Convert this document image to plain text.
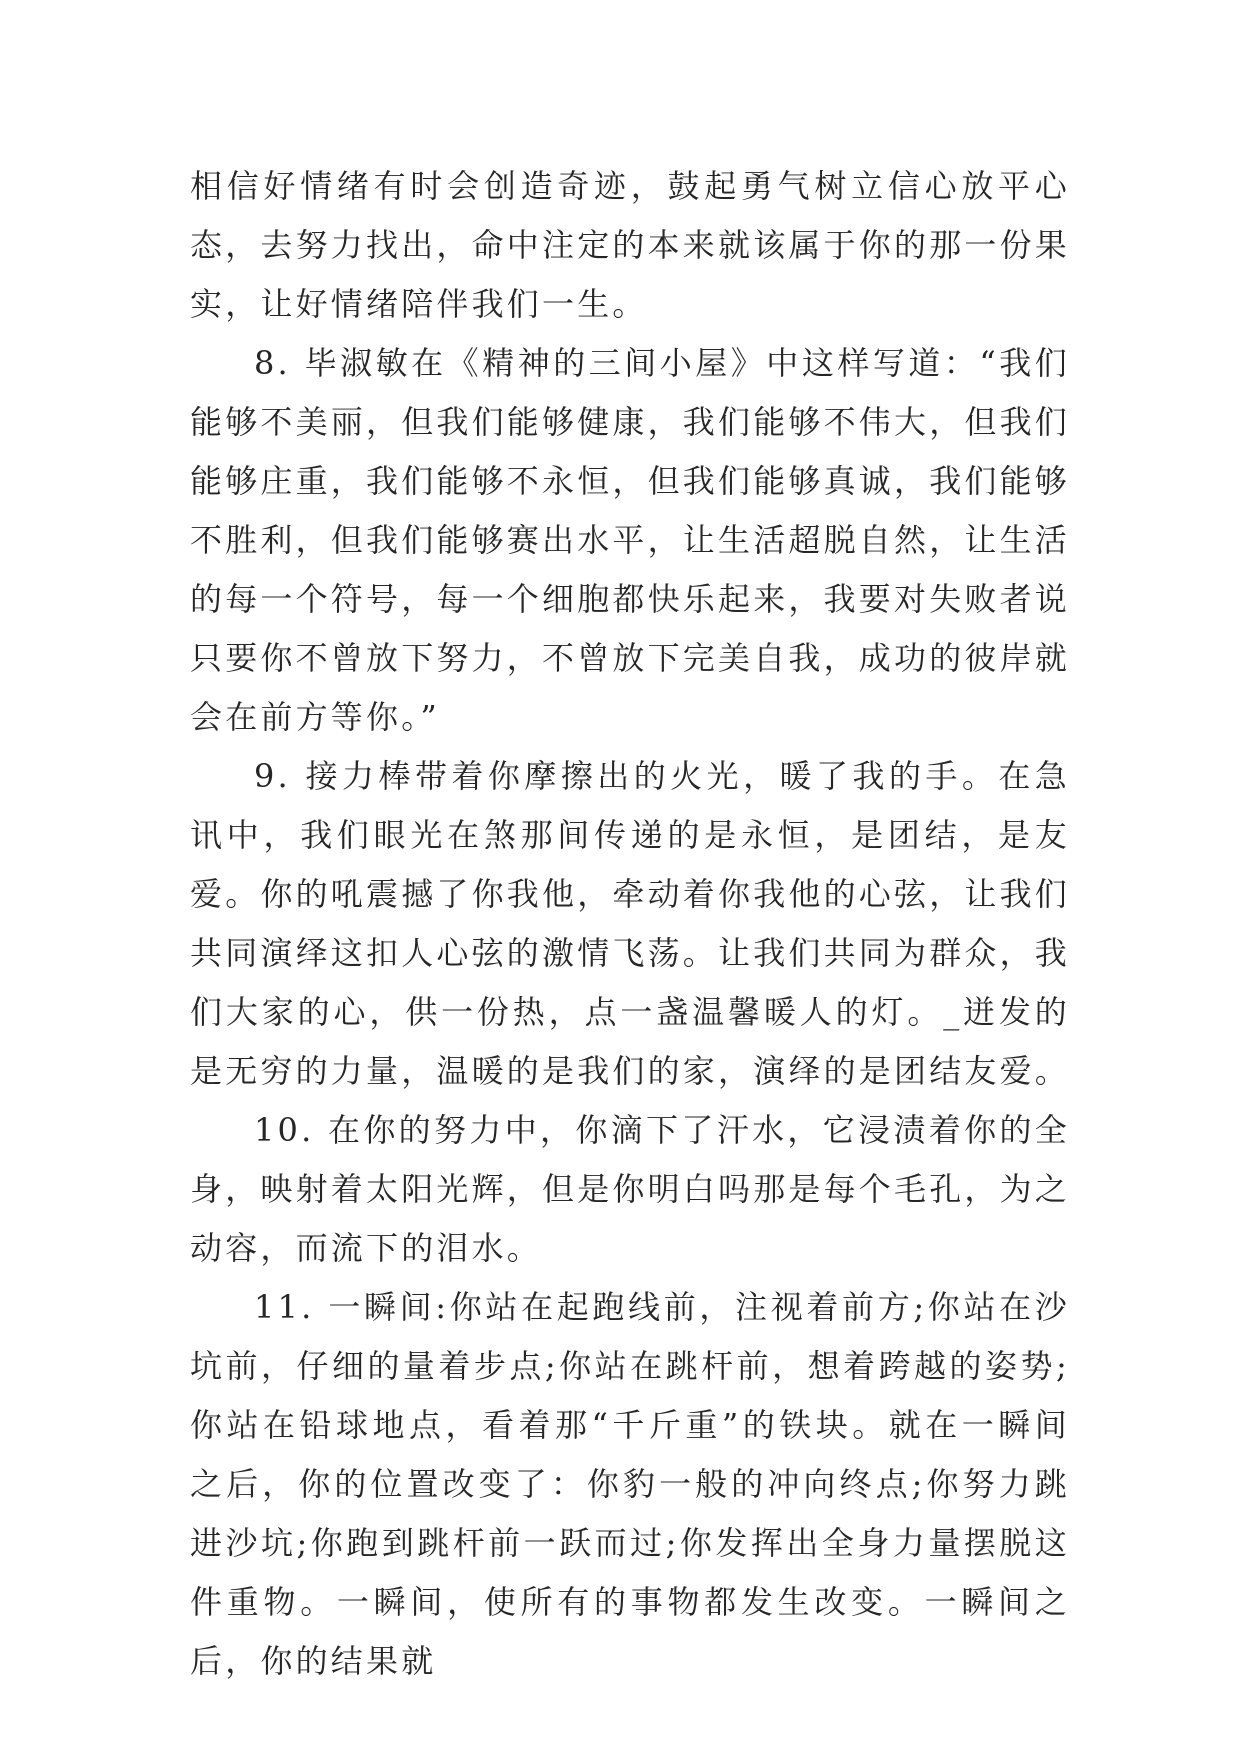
相信好情绪有时会创造奇迹，鼓起勇气树立信心放平心态，去努力找出，命中注定的本来就该属于你的那一份果实，让好情绪陪伴我们一生。

8. 毕淑敏在《精神的三间小屋》中这样写道：“我们能够不美丽，但我们能够健康，我们能够不伟大，但我们能够庄重，我们能够不永恒，但我们能够真诚，我们能够不胜利，但我们能够赛出水平，让生活超脱自然，让生活的每一个符号，每一个细胞都快乐起来，我要对失败者说只要你不曾放下努力，不曾放下完美自我，成功的彼岸就会在前方等你。”

9. 接力棒带着你摩擦出的火光，暖了我的手。在急讯中，我们眼光在煞那间传递的是永恒，是团结，是友爱。你的吼震撼了你我他，牵动着你我他的心弦，让我们共同演绎这扣人心弦的激情飞荡。让我们共同为群众，我们大家的心，供一份热，点一盏温馨暖人的灯。_迸发的是无穷的力量，温暖的是我们的家，演绎的是团结友爱。

10. 在你的努力中，你滴下了汗水，它浸渍着你的全身，映射着太阳光辉，但是你明白吗那是每个毛孔，为之动容，而流下的泪水。

11. 一瞬间:你站在起跑线前，注视着前方;你站在沙坑前，仔细的量着步点;你站在跳杆前，想着跨越的姿势;你站在铅球地点，看着那“千斤重”的铁块。就在一瞬间之后，你的位置改变了：你豹一般的冲向终点;你努力跳进沙坑;你跑到跳杆前一跃而过;你发挥出全身力量摆脱这件重物。一瞬间，使所有的事物都发生改变。一瞬间之后，你的结果就
